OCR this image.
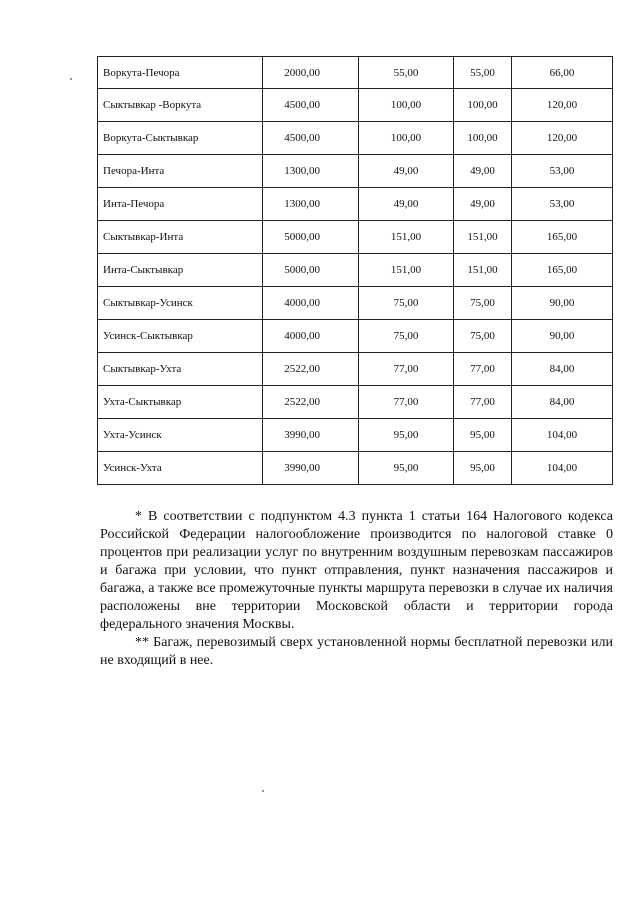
Воркута-Печора	2000,00	55,00	55,00	66,00
Сыктывкар -Воркута	4500,00	100,00	100,00	120,00
Воркута-Сыктывкар	4500,00	100,00	100,00	120,00
Печора-Инта	1300,00	49,00	49,00	53,00
Инта-Печора	1300,00	49,00	49,00	53,00
Сыктывкар-Инта	5000,00	151,00	151,00	165,00
Инта-Сыктывкар	5000,00	151,00	151,00	165,00
Сыктывкар-Усинск	4000,00	75,00	75,00	90,00
Усинск-Сыктывкар	4000,00	75,00	75,00	90,00
Сыктывкар-Ухта	2522,00	77,00	77,00	84,00
Ухта-Сыктывкар	2522,00	77,00	77,00	84,00
Ухта-Усинск	3990,00	95,00	95,00	104,00
Усинск-Ухта	3990,00	95,00	95,00	104,00

* В соответствии с подпунктом 4.3 пункта 1 статьи 164 Налогового кодекса Российской Федерации налогообложение производится по налоговой ставке 0 процентов при реализации услуг по внутренним воздушным перевозкам пассажиров и багажа при условии, что пункт отправления, пункт назначения пассажиров и багажа, а также все промежуточные пункты маршрута перевозки в случае их наличия расположены вне территории Московской области и территории города федерального значения Москвы.

** Багаж, перевозимый сверх установленной нормы бесплатной перевозки или не входящий в нее.
